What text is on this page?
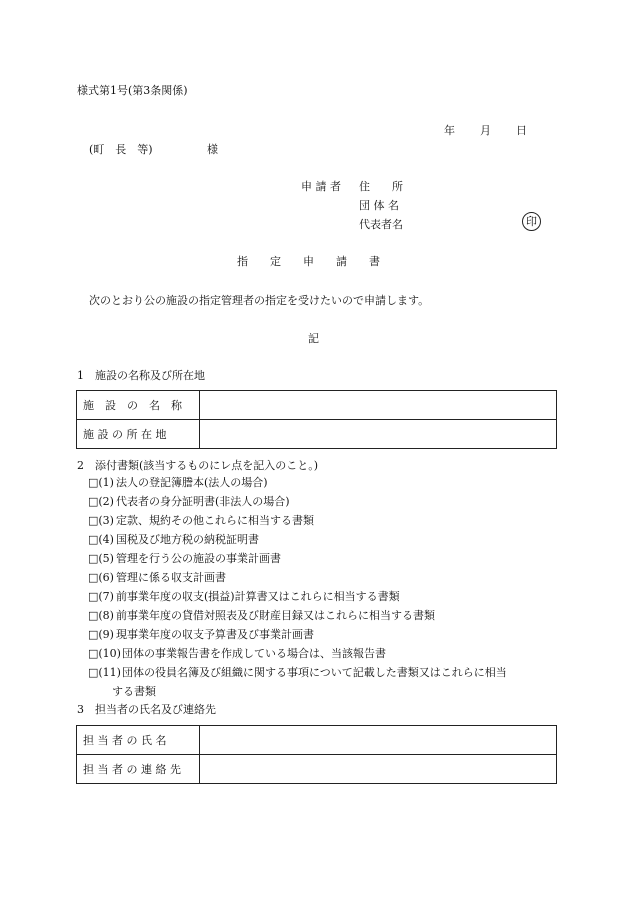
様式第1号(第3条関係)
年 月 日
(町　長　等)	様
申 請 者 住　　所
団 体 名
代表者名	印
指　　定　　申　　請　　書
次のとおり公の施設の指定管理者の指定を受けたいので申請します。
記
1　施設の名称及び所在地
施　設　の　名　称	
施 設 の 所 在 地	
2　添付書類(該当するものにレ点を記入のこと。)
□(1) 法人の登記簿謄本(法人の場合)
□(2) 代表者の身分証明書(非法人の場合)
□(3) 定款、規約その他これらに相当する書類
□(4) 国税及び地方税の納税証明書
□(5) 管理を行う公の施設の事業計画書
□(6) 管理に係る収支計画書
□(7) 前事業年度の収支(損益)計算書又はこれらに相当する書類
□(8) 前事業年度の貸借対照表及び財産目録又はこれらに相当する書類
□(9) 現事業年度の収支予算書及び事業計画書
□(10)団体の事業報告書を作成している場合は、当該報告書
□(11)団体の役員名簿及び組織に関する事項について記載した書類又はこれらに相当
する書類
3　担当者の氏名及び連絡先
担 当 者 の 氏 名	
担 当 者 の 連 絡 先	
